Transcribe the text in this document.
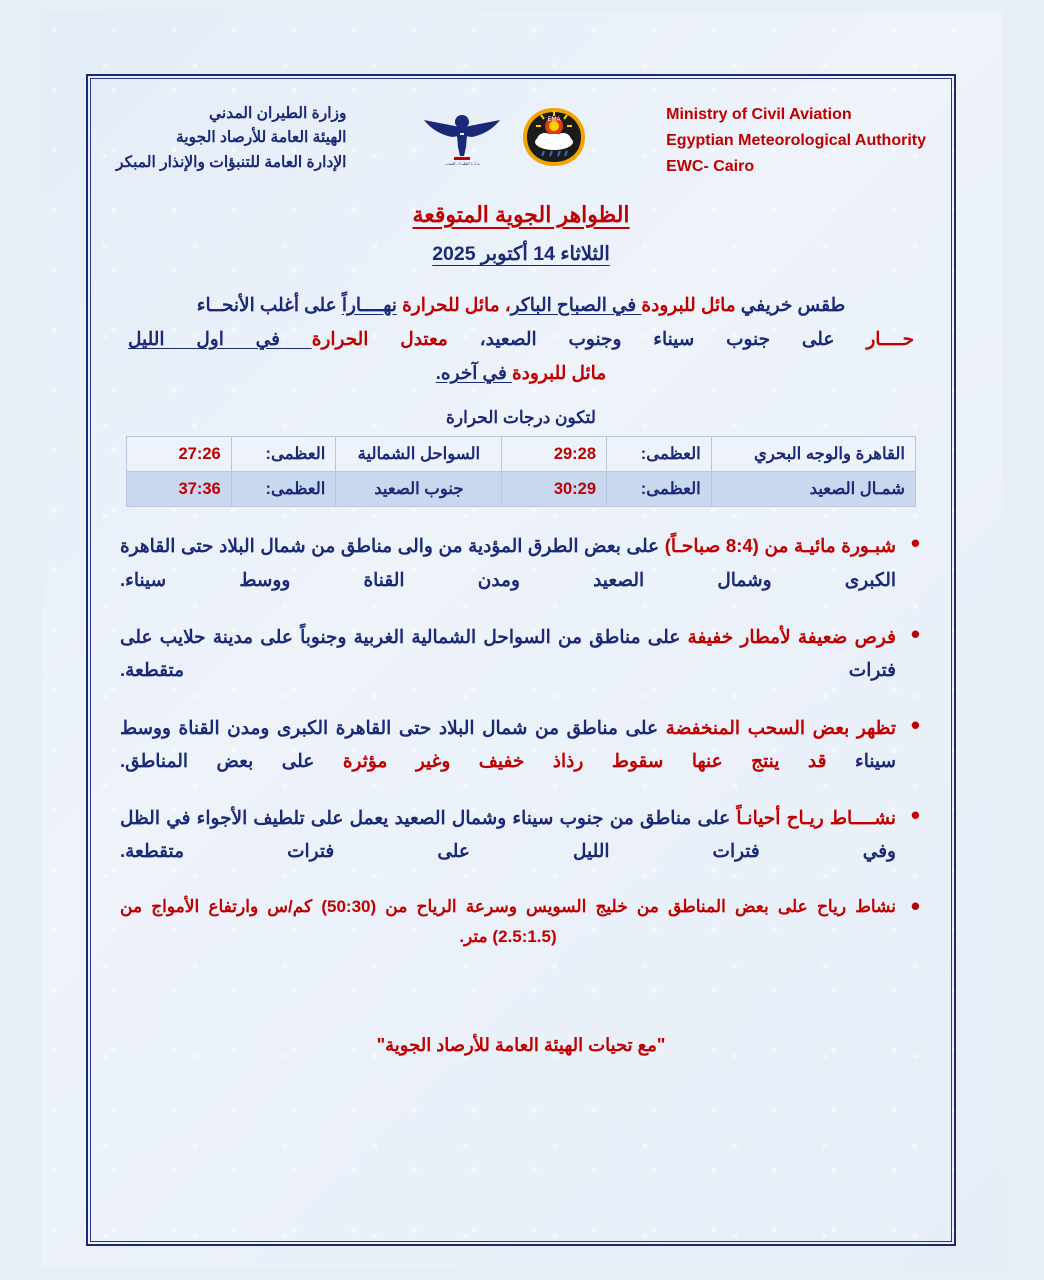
وزارة الطيران المدني
الهيئة العامة للأرصاد الجوية
الإدارة العامة للتنبؤات والإنذار المبكر
EMA
وزارة الطيران المدني
Ministry of Civil Aviation
Egyptian Meteorological Authority
EWC- Cairo
الظواهر الجوية المتوقعة
الثلاثاء 14 أكتوبر 2025
طقس خريفي مائل للبرودة في الصباح الباكر، مائل للحرارة نهــــاراً على أغلب الأنحــاء
حــــار على جنوب سيناء وجنوب الصعيد، معتدل الحرارة في اول الليل
مائل للبرودة في آخره.
لتكون درجات الحرارة
القاهرة والوجه البحري	العظمى:	29:28	السواحل الشمالية	العظمى:	27:26
شمـال الصعيد	العظمى:	30:29	جنوب الصعيد	العظمى:	37:36
• شبـورة مائيـة من (8:4 صباحـاً) على بعض الطرق المؤدية من والى مناطق من شمال البلاد حتى القاهرة الكبرى وشمال الصعيد ومدن القناة ووسط سيناء.
• فرص ضعيفة لأمطار خفيفة على مناطق من السواحل الشمالية الغربية وجنوباً على مدينة حلايب على فترات متقطعة.
• تظهر بعض السحب المنخفضة على مناطق من شمال البلاد حتى القاهرة الكبرى ومدن القناة ووسط سيناء قد ينتج عنها سقوط رذاذ خفيف وغير مؤثرة على بعض المناطق.
• نشــــاط ريـاح أحيانـاً على مناطق من جنوب سيناء وشمال الصعيد يعمل على تلطيف الأجواء في الظل وفي فترات الليل على فترات متقطعة.
• نشاط رياح على بعض المناطق من خليج السويس وسرعة الرياح من (50:30) كم/س وارتفاع الأمواج من (2.5:1.5) متر.
"مع تحيات الهيئة العامة للأرصاد الجوية"
